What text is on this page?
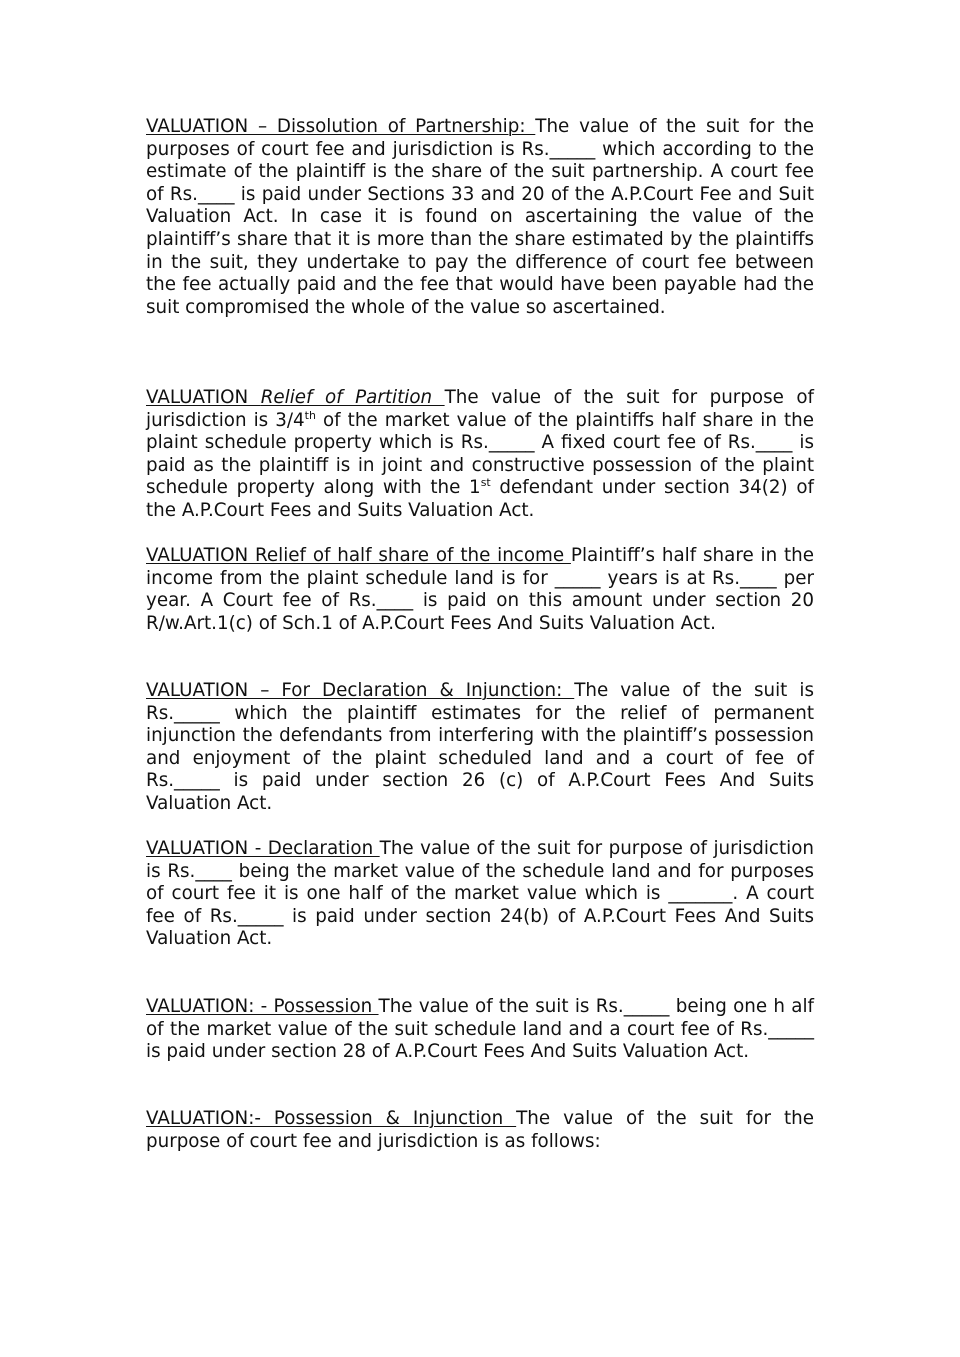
VALUATION – Dissolution of Partnership: The value of the suit for the purposes of court fee and jurisdiction is Rs._____ which according to the estimate of the plaintiff is the share of the suit partnership. A court fee of Rs.____ is paid under Sections 33 and 20 of the A.P.Court Fee and Suit Valuation Act. In case it is found on ascertaining the value of the plaintiff’s share that it is more than the share estimated by the plaintiffs in the suit, they undertake to pay the difference of court fee between the fee actually paid and the fee that would have been payable had the suit compromised the whole of the value so ascertained.

VALUATION Relief of Partition The value of the suit for purpose of jurisdiction is 3/4th of the market value of the plaintiffs half share in the plaint schedule property which is Rs._____ A fixed court fee of Rs.____ is paid as the plaintiff is in joint and constructive possession of the plaint schedule property along with the 1st defendant under section 34(2) of the A.P.Court Fees and Suits Valuation Act.

VALUATION Relief of half share of the income Plaintiff’s half share in the income from the plaint schedule land is for _____ years is at Rs.____ per year. A Court fee of Rs.____ is paid on this amount under section 20 R/w.Art.1(c) of Sch.1 of A.P.Court Fees And Suits Valuation Act.

VALUATION – For Declaration & Injunction: The value of the suit is Rs._____ which the plaintiff estimates for the relief of permanent injunction the defendants from interfering with the plaintiff’s possession and enjoyment of the plaint scheduled land and a court of fee of Rs._____ is paid under section 26 (c) of A.P.Court Fees And Suits Valuation Act.

VALUATION - Declaration The value of the suit for purpose of jurisdiction is Rs.____ being the market value of the schedule land and for purposes of court fee it is one half of the market value which is _______. A court fee of Rs._____ is paid under section 24(b) of A.P.Court Fees And Suits Valuation Act.

VALUATION: - Possession The value of the suit is Rs._____ being one h alf of the market value of the suit schedule land and a court fee of Rs._____ is paid under section 28 of A.P.Court Fees And Suits Valuation Act.

VALUATION:- Possession & Injunction The value of the suit for the purpose of court fee and jurisdiction is as follows:
